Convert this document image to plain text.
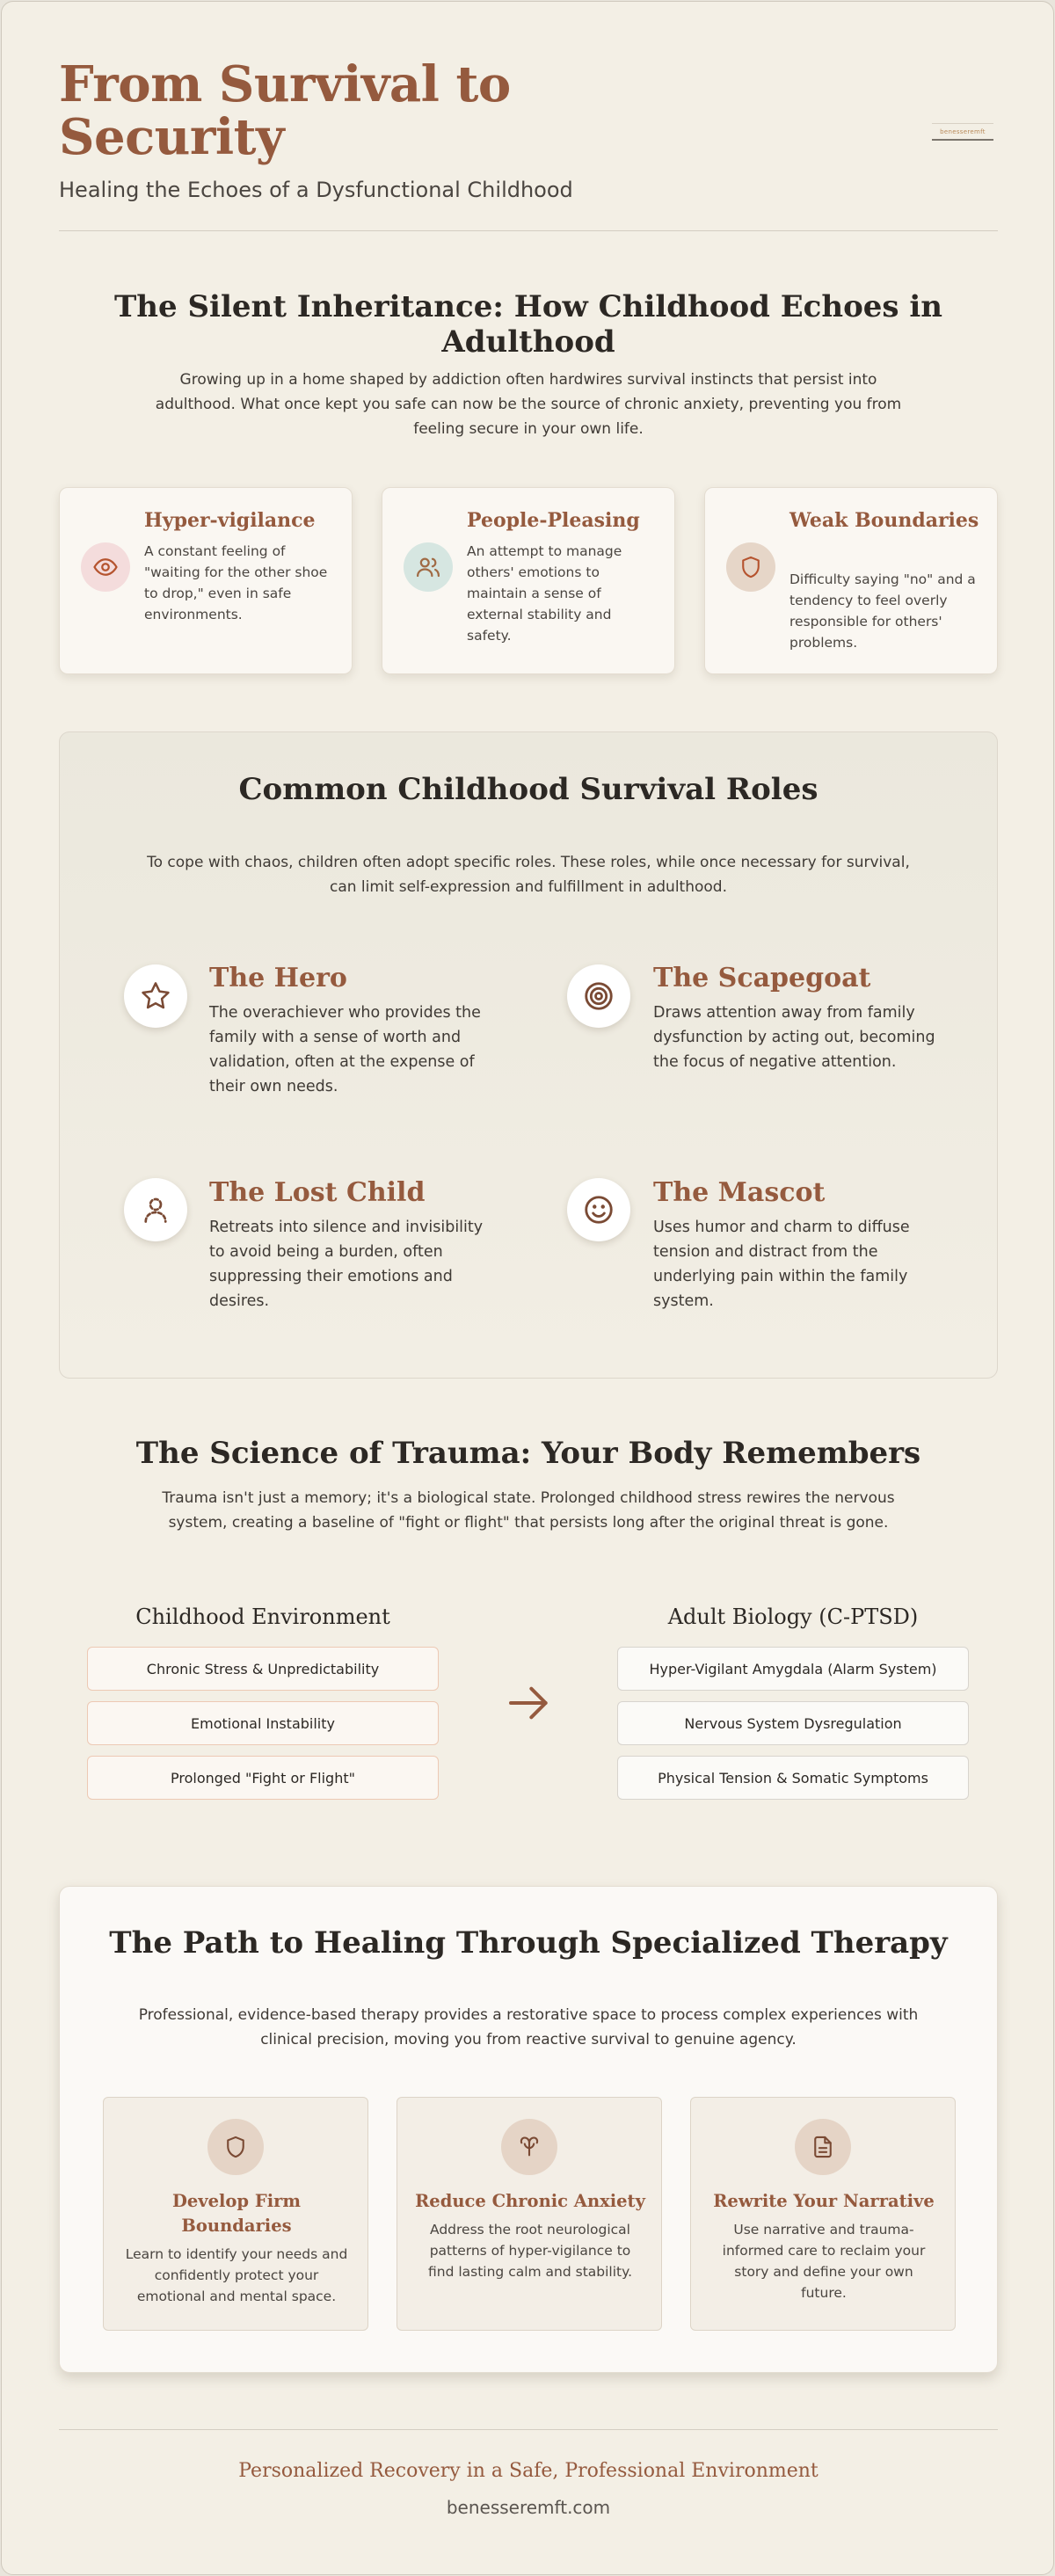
From Survival to Security
Healing the Echoes of a Dysfunctional Childhood
benesseremft
The Silent Inheritance: How Childhood Echoes in Adulthood

Growing up in a home shaped by addiction often hardwires survival instincts that persist into adulthood. What once kept you safe can now be the source of chronic anxiety, preventing you from feeling secure in your own life.

Hyper-vigilance
A constant feeling of "waiting for the other shoe to drop," even in safe environments.
People-Pleasing
An attempt to manage others' emotions to maintain a sense of external stability and safety.
Weak Boundaries
Difficulty saying "no" and a tendency to feel overly responsible for others' problems.
Common Childhood Survival Roles

To cope with chaos, children often adopt specific roles. These roles, while once necessary for survival, can limit self-expression and fulfillment in adulthood.

The Hero
The overachiever who provides the family with a sense of worth and validation, often at the expense of their own needs.
The Scapegoat
Draws attention away from family dysfunction by acting out, becoming the focus of negative attention.
The Lost Child
Retreats into silence and invisibility to avoid being a burden, often suppressing their emotions and desires.
The Mascot
Uses humor and charm to diffuse tension and distract from the underlying pain within the family system.
The Science of Trauma: Your Body Remembers

Trauma isn't just a memory; it's a biological state. Prolonged childhood stress rewires the nervous system, creating a baseline of "fight or flight" that persists long after the original threat is gone.

Childhood Environment	Adult Biology (C-PTSD)
Chronic Stress & Unpredictability
Emotional Instability
Prolonged "Fight or Flight"
Hyper-Vigilant Amygdala (Alarm System)
Nervous System Dysregulation
Physical Tension & Somatic Symptoms
The Path to Healing Through Specialized Therapy

Professional, evidence-based therapy provides a restorative space to process complex experiences with clinical precision, moving you from reactive survival to genuine agency.

Develop Firm Boundaries
Learn to identify your needs and confidently protect your emotional and mental space.
Reduce Chronic Anxiety
Address the root neurological patterns of hyper-vigilance to find lasting calm and stability.
Rewrite Your Narrative
Use narrative and trauma-informed care to reclaim your story and define your own future.
Personalized Recovery in a Safe, Professional Environment
benesseremft.com
